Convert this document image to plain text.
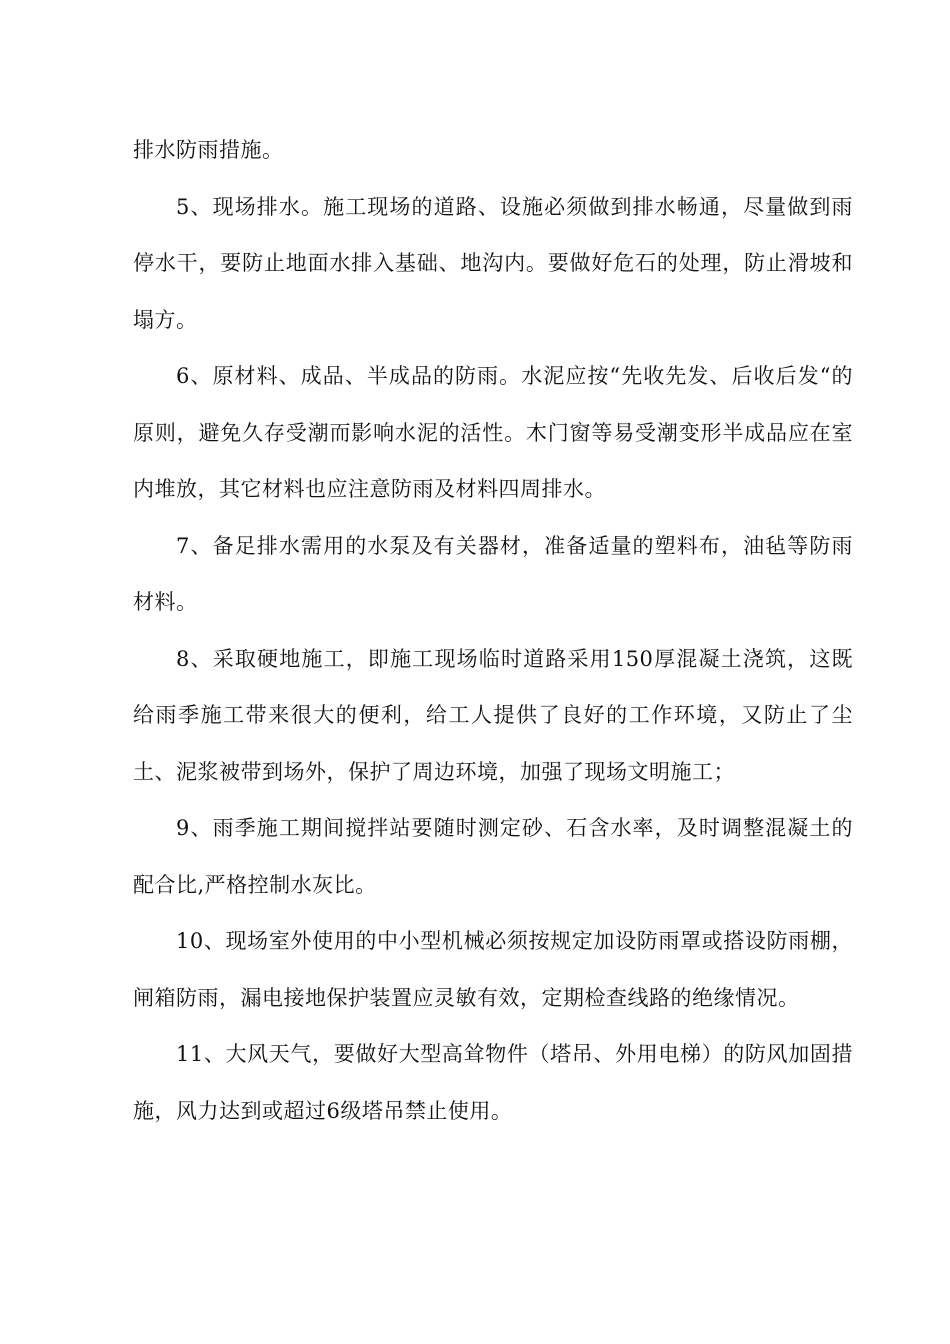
排水防雨措施。

5、现场排水。施工现场的道路、设施必须做到排水畅通，尽量做到雨停水干，要防止地面水排入基础、地沟内。要做好危石的处理，防止滑坡和塌方。

6、原材料、成品、半成品的防雨。水泥应按“先收先发、后收后发“的原则，避免久存受潮而影响水泥的活性。木门窗等易受潮变形半成品应在室内堆放，其它材料也应注意防雨及材料四周排水。

7、备足排水需用的水泵及有关器材，准备适量的塑料布，油毡等防雨材料。

8、采取硬地施工，即施工现场临时道路采用150厚混凝土浇筑，这既给雨季施工带来很大的便利，给工人提供了良好的工作环境，又防止了尘土、泥浆被带到场外，保护了周边环境，加强了现场文明施工；

9、雨季施工期间搅拌站要随时测定砂、石含水率，及时调整混凝土的配合比,严格控制水灰比。

10、现场室外使用的中小型机械必须按规定加设防雨罩或搭设防雨棚，闸箱防雨，漏电接地保护装置应灵敏有效，定期检查线路的绝缘情况。

11、大风天气，要做好大型高耸物件（塔吊、外用电梯）的防风加固措施，风力达到或超过6级塔吊禁止使用。
